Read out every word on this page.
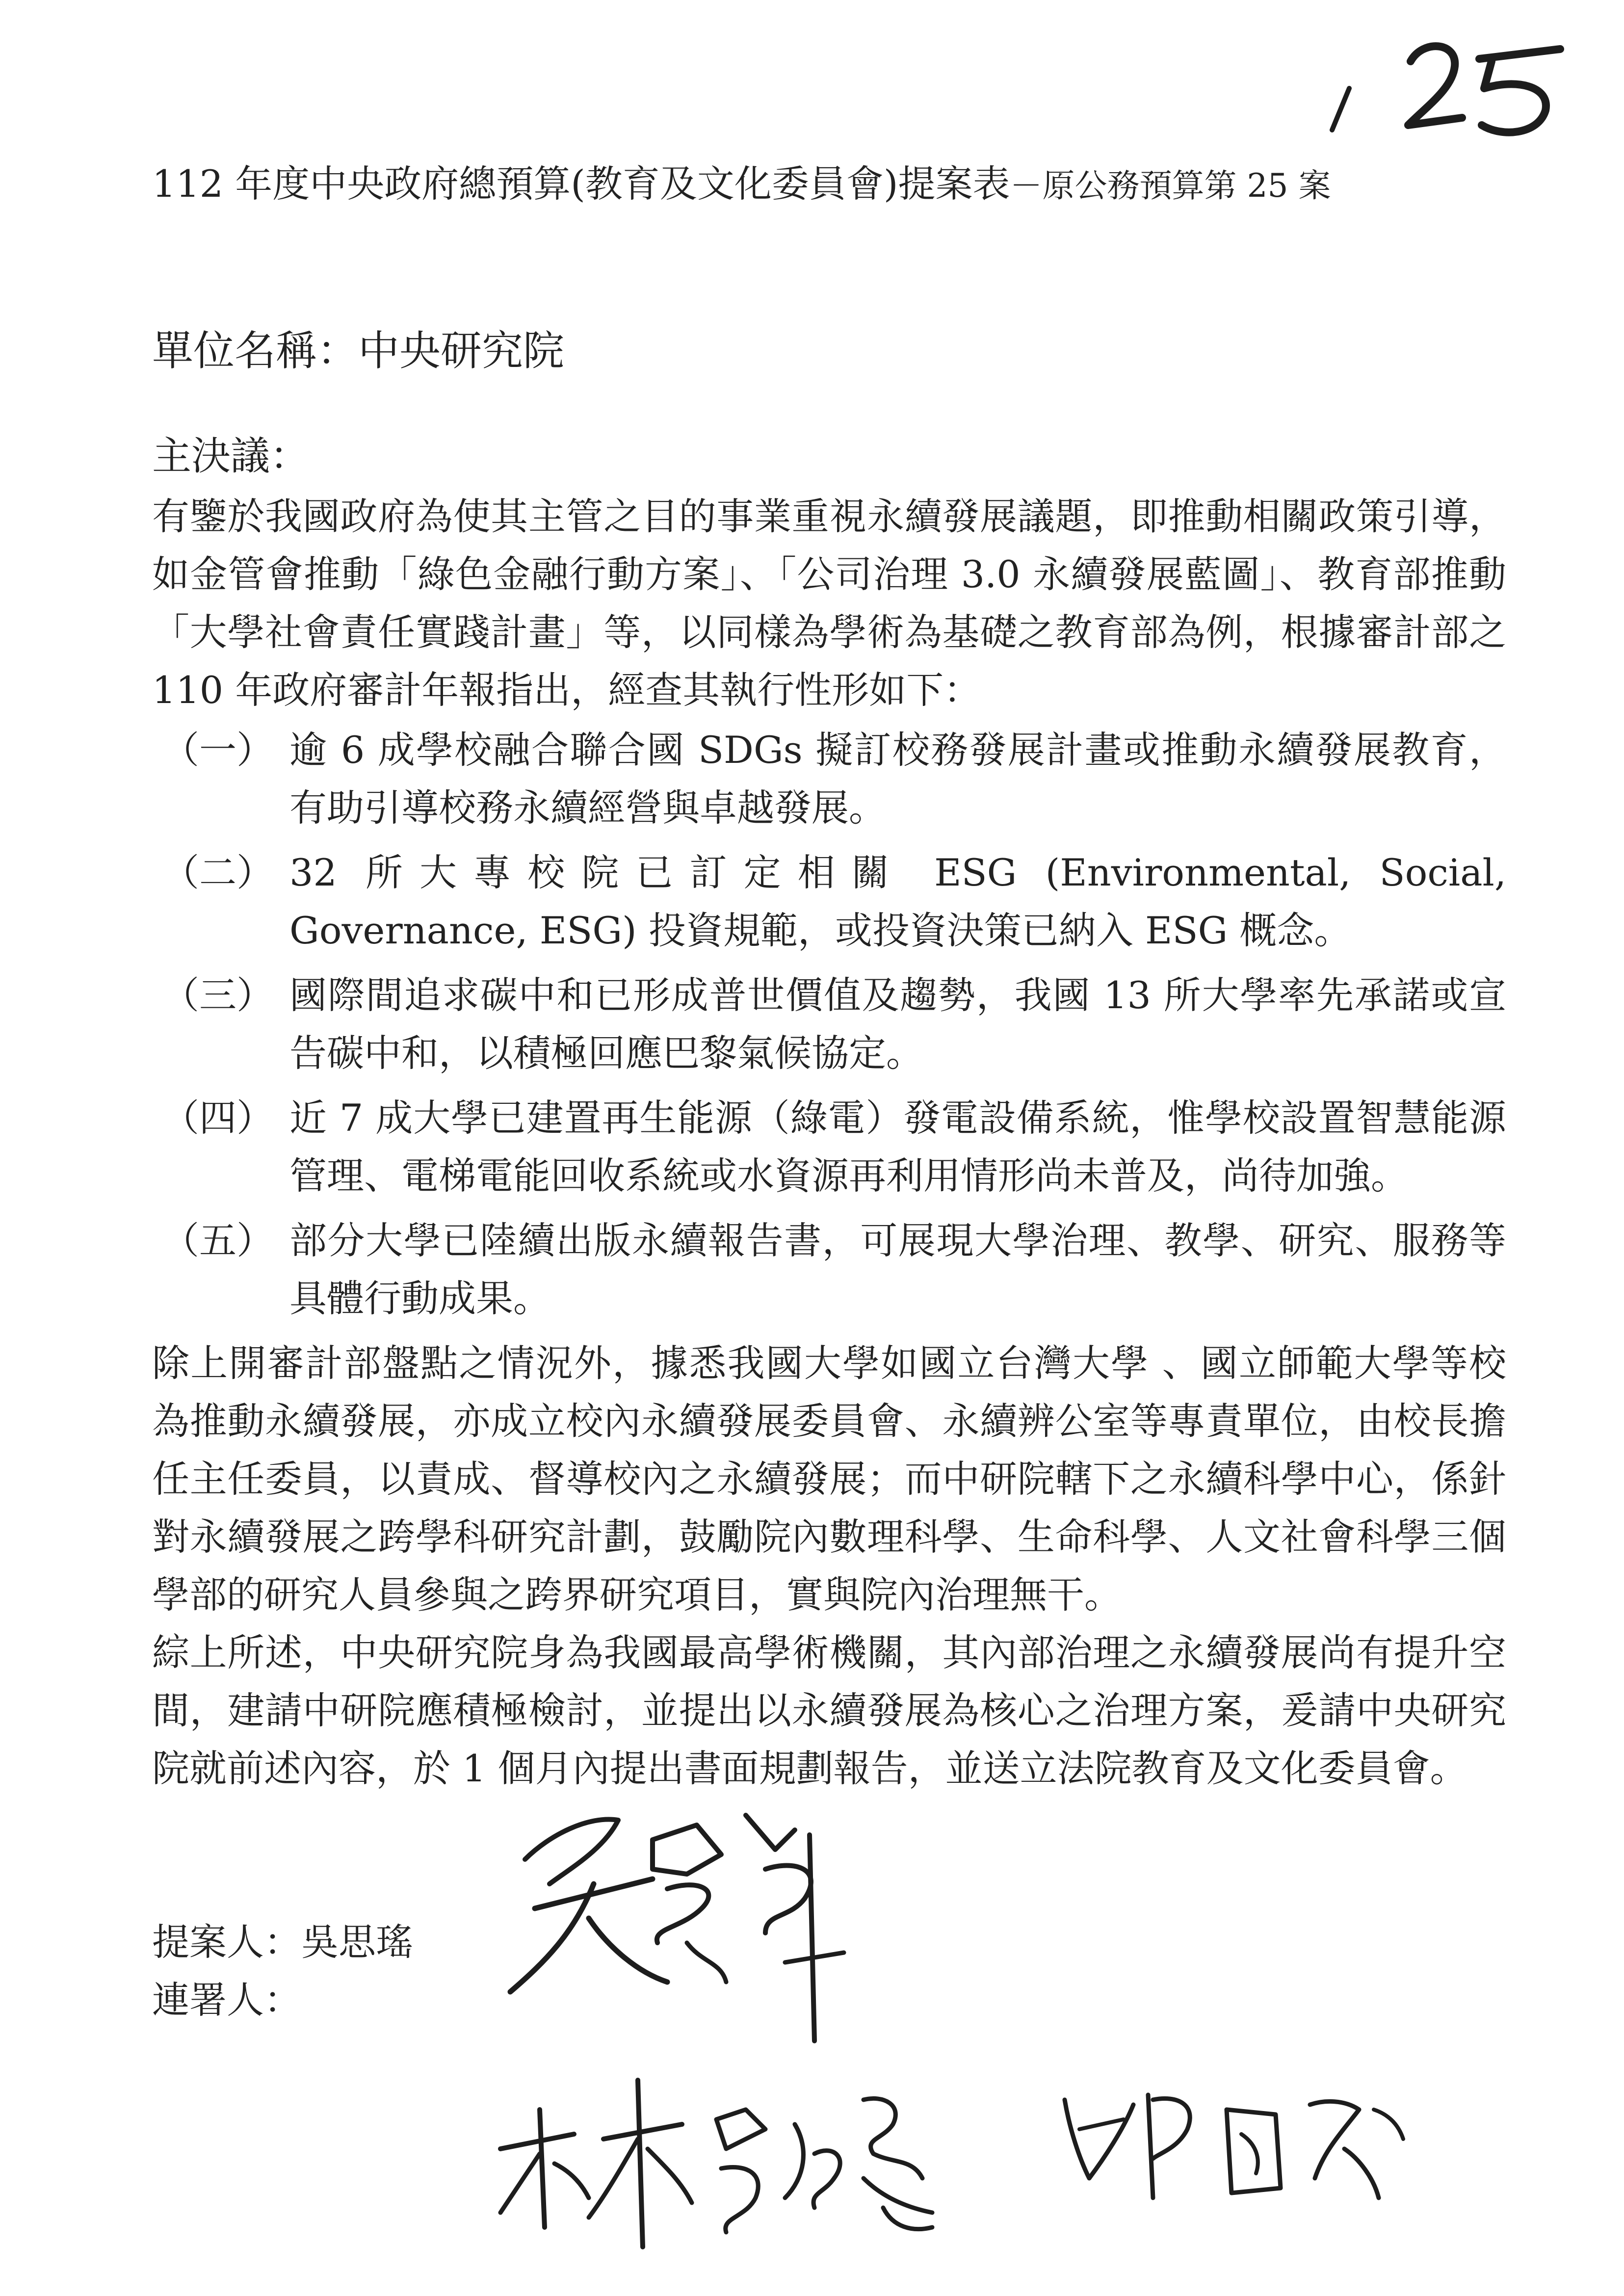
112 年度中央政府總預算(教育及文化委員會)提案表－原公務預算第 25 案
單位名稱：中央研究院
主決議：

有鑒於我國政府為使其主管之目的事業重視永續發展議題，即推動相關政策引導，如金管會推動「綠色金融行動方案」、「公司治理 3.0 永續發展藍圖」、教育部推動「大學社會責任實踐計畫」等，以同樣為學術為基礎之教育部為例，根據審計部之 110 年政府審計年報指出，經查其執行性形如下：

（一） 逾 6 成學校融合聯合國 SDGs 擬訂校務發展計畫或推動永續發展教育，有助引導校務永續經營與卓越發展。
（二） 32 所大專校院已訂定相關 ESG (Environmental, Social, Governance, ESG) 投資規範，或投資決策已納入 ESG 概念。
（三） 國際間追求碳中和已形成普世價值及趨勢，我國 13 所大學率先承諾或宣告碳中和，以積極回應巴黎氣候協定。
（四） 近 7 成大學已建置再生能源（綠電）發電設備系統，惟學校設置智慧能源管理、電梯電能回收系統或水資源再利用情形尚未普及，尚待加強。
（五） 部分大學已陸續出版永續報告書，可展現大學治理、教學、研究、服務等具體行動成果。

除上開審計部盤點之情況外，據悉我國大學如國立台灣大學 、國立師範大學等校為推動永續發展，亦成立校內永續發展委員會、永續辨公室等專責單位，由校長擔任主任委員，以責成、督導校內之永續發展；而中研院轄下之永續科學中心，係針對永續發展之跨學科研究計劃，鼓勵院內數理科學、生命科學、人文社會科學三個學部的研究人員參與之跨界研究項目，實與院內治理無干。

綜上所述，中央研究院身為我國最高學術機關，其內部治理之永續發展尚有提升空間，建請中研院應積極檢討，並提出以永續發展為核心之治理方案，爰請中央研究院就前述內容，於 1 個月內提出書面規劃報告，並送立法院教育及文化委員會。

提案人：吳思瑤
連署人：
